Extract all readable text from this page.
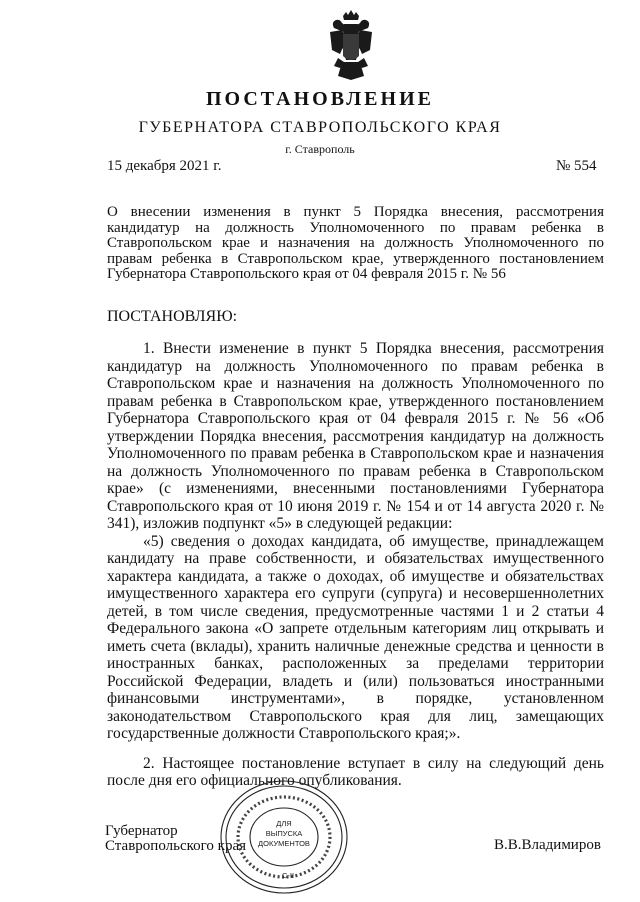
ПОСТАНОВЛЕНИЕ
ГУБЕРНАТОРА СТАВРОПОЛЬСКОГО КРАЯ
г. Ставрополь
15 декабря 2021 г.	№ 554
О внесении изменения в пункт 5 Порядка внесения, рассмотрения кандидатур на должность Уполномоченного по правам ребенка в Ставропольском крае и назначения на должность Уполномоченного по правам ребенка в Ставропольском крае, утвержденного постановлением Губернатора Ставропольского края от 04 февраля 2015 г. № 56
ПОСТАНОВЛЯЮ:

1. Внести изменение в пункт 5 Порядка внесения, рассмотрения кандидатур на должность Уполномоченного по правам ребенка в Ставропольском крае и назначения на должность Уполномоченного по правам ребенка в Ставропольском крае, утвержденного постановлением Губернатора Ставропольского края от 04 февраля 2015 г. № 56 «Об утверждении Порядка внесения, рассмотрения кандидатур на должность Уполномоченного по правам ребенка в Ставропольском крае и назначения на должность Уполномоченного по правам ребенка в Ставропольском крае» (с изменениями, внесенными постановлениями Губернатора Ставропольского края от 10 июня 2019 г. № 154 и от 14 августа 2020 г. № 341), изложив подпункт «5» в следующей редакции:

«5) сведения о доходах кандидата, об имуществе, принадлежащем кандидату на праве собственности, и обязательствах имущественного характера кандидата, а также о доходах, об имуществе и обязательствах имущественного характера его супруги (супруга) и несовершеннолетних детей, в том числе сведения, предусмотренные частями 1 и 2 статьи 4 Федерального закона «О запрете отдельным категориям лиц открывать и иметь счета (вклады), хранить наличные денежные средства и ценности в иностранных банках, расположенных за пределами территории Российской Федерации, владеть и (или) пользоваться иностранными финансовыми инструментами», в порядке, установленном законодательством Ставропольского края для лиц, замещающих государственные должности Ставропольского края;».

2. Настоящее постановление вступает в силу на следующий день после дня его официального опубликования.

Губернатор
Ставропольского края	В.В.Владимиров
ДЛЯ
ВЫПУСКА
ДОКУМЕНТОВ
С-II
